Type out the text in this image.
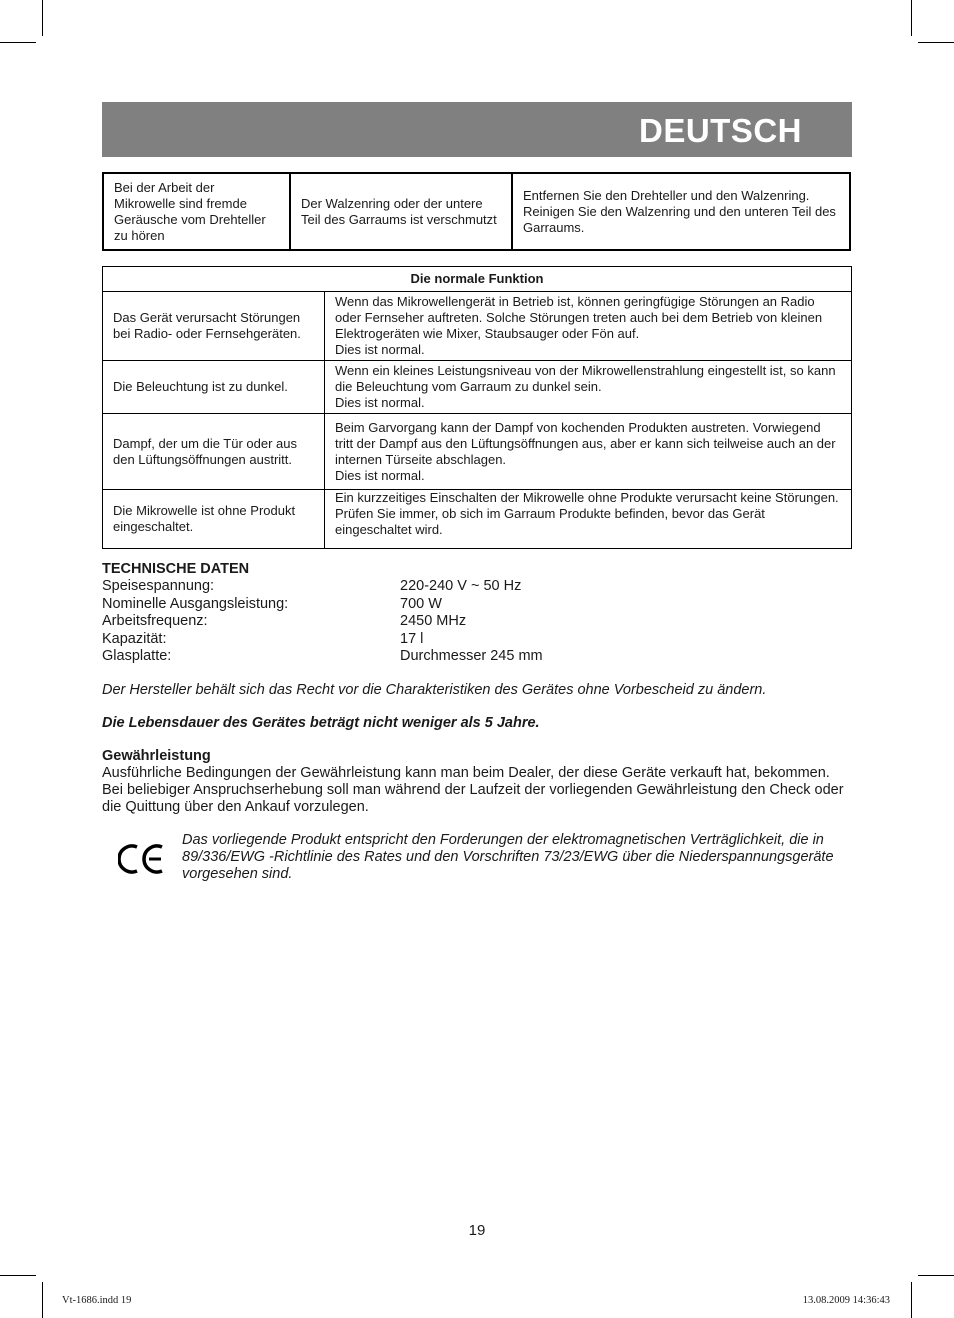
DEUTSCH
Bei der Arbeit der Mikrowelle sind fremde Geräusche vom Drehteller zu hören	Der Walzenring oder der untere Teil des Garraums ist verschmutzt	Entfernen Sie den Drehteller und den Walzenring. Reinigen Sie den Walzenring und den unteren Teil des Garraums.
Die normale Funktion	
Das Gerät verursacht Störungen bei Radio- oder Fernsehgeräten.	Wenn das Mikrowellengerät in Betrieb ist, können geringfügige Störungen an Radio oder Fernseher auftreten. Solche Störungen treten auch bei dem Betrieb von kleinen Elektrogeräten wie Mixer, Staubsauger oder Fön auf.
Dies ist normal.

Die Beleuchtung ist zu dunkel.	Wenn ein kleines Leistungsniveau von der Mikrowellenstrahlung eingestellt ist, so kann die Beleuchtung vom Garraum zu dunkel sein.
Dies ist normal.

Dampf, der um die Tür oder aus den Lüftungsöffnungen austritt.	Beim Garvorgang kann der Dampf von kochenden Produkten austreten. Vorwiegend tritt der Dampf aus den Lüftungsöffnungen aus, aber er kann sich teilweise auch an der internen Türseite abschlagen.
Dies ist normal.

Die Mikrowelle ist ohne Produkt eingeschaltet.	Ein kurzzeitiges Einschalten der Mikrowelle ohne Produkte verursacht keine Störungen.
Prüfen Sie immer, ob sich im Garraum Produkte befinden, bevor das Gerät eingeschaltet wird.
TECHNISCHE DATEN
Speisespannung:	220-240 V ~ 50 Hz
Nominelle Ausgangsleistung:	700 W
Arbeitsfrequenz:	2450 MHz
Kapazität:	17 l
Glasplatte:	Durchmesser 245 mm
Der Hersteller behält sich das Recht vor die Charakteristiken des Gerätes ohne Vorbescheid zu ändern.
Die Lebensdauer des Gerätes beträgt nicht weniger als 5 Jahre.
Gewährleistung
Ausführliche Bedingungen der Gewährleistung kann man beim Dealer, der diese Geräte verkauft hat, bekommen. Bei beliebiger Anspruchserhebung soll man während der Laufzeit der vorliegenden Gewährleistung den Check oder die Quittung über den Ankauf vorzulegen.
Das vorliegende Produkt entspricht den Forderungen der elektromagnetischen Verträglichkeit, die in 89/336/EWG -Richtlinie des Rates und den Vorschriften 73/23/EWG über die Niederspannungsgeräte vorgesehen sind.
19
Vt-1686.indd 19	13.08.2009 14:36:43
